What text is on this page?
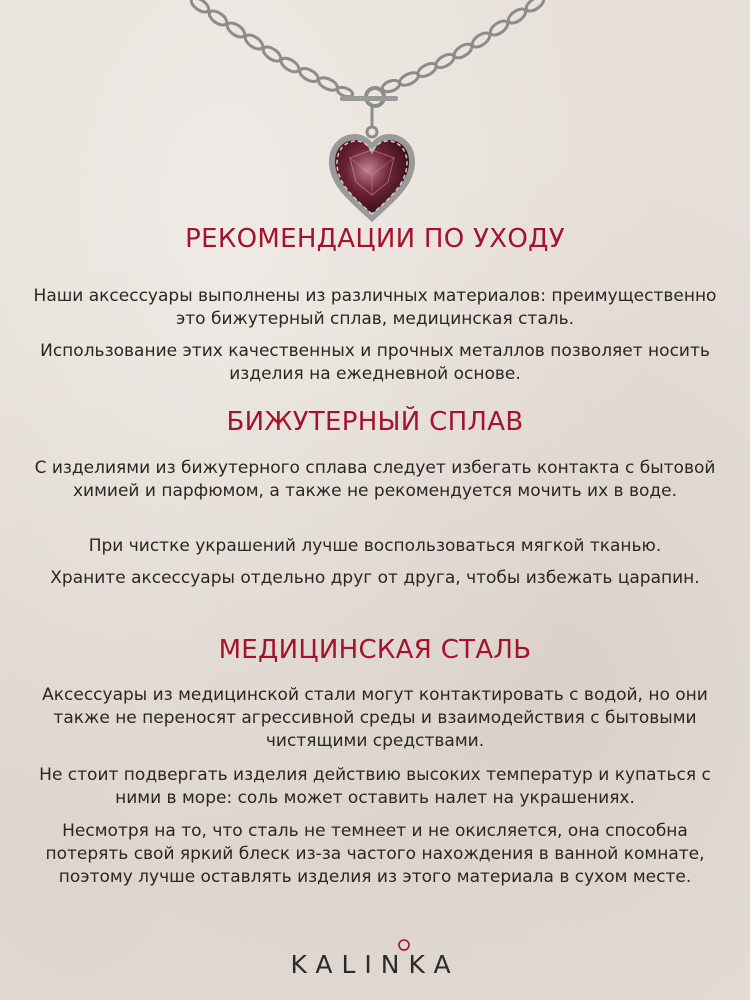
РЕКОМЕНДАЦИИ ПО УХОДУ

Наши аксессуары выполнены из различных материалов: преимущественно это бижутерный сплав, медицинская сталь.

Использование этих качественных и прочных металлов позволяет носить изделия на ежедневной основе.

БИЖУТЕРНЫЙ СПЛАВ

С изделиями из бижутерного сплава следует избегать контакта с бытовой химией и парфюмом, а также не рекомендуется мочить их в воде.

При чистке украшений лучше воспользоваться мягкой тканью.

Храните аксессуары отдельно друг от друга, чтобы избежать царапин.

МЕДИЦИНСКАЯ СТАЛЬ

Аксессуары из медицинской стали могут контактировать с водой, но они также не переносят агрессивной среды и взаимодействия с бытовыми чистящими средствами.

Не стоит подвергать изделия действию высоких температур и купаться с ними в море: соль может оставить налет на украшениях.

Несмотря на то, что сталь не темнеет и не окисляется, она способна потерять свой яркий блеск из-за частого нахождения в ванной комнате, поэтому лучше оставлять изделия из этого материала в сухом месте.

KALINKA
